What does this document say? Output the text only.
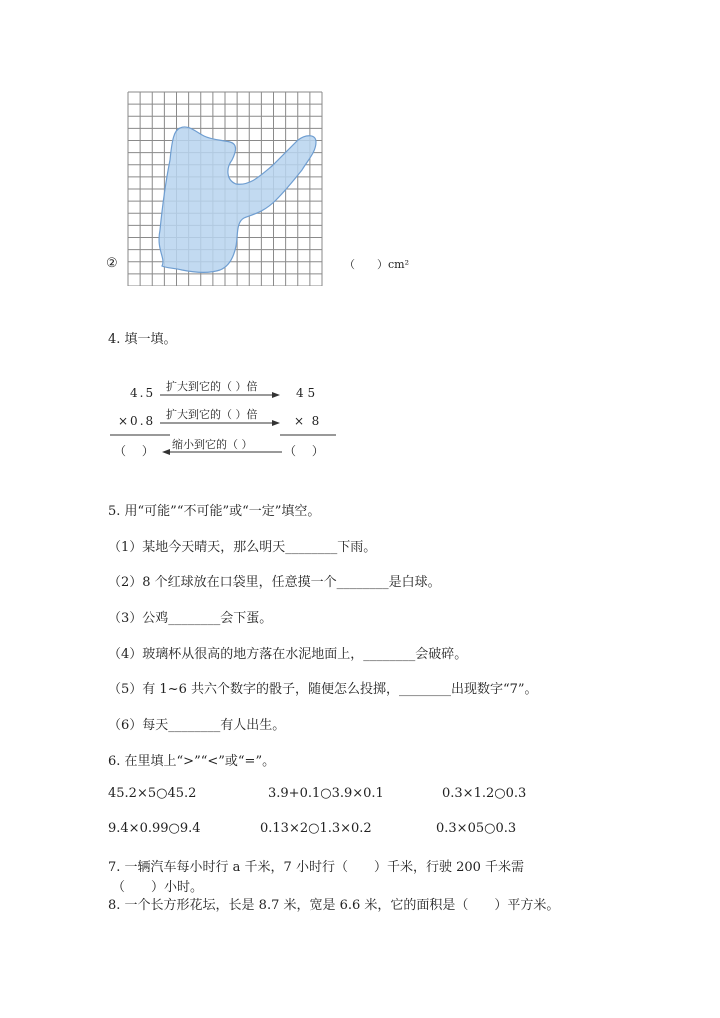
②	（　　）cm²
4. 填一填。
4.5	4 5
扩大到它的（ ）倍
×0.8	×  8
扩大到它的（ ）倍
缩小到它的（ ）
（　 ）	（　 ）
5. 用“可能”“不可能”或“一定”填空。
（1）某地今天晴天，那么明天________下雨。
（2）8 个红球放在口袋里，任意摸一个________是白球。
（3）公鸡________会下蛋。
（4）玻璃杯从很高的地方落在水泥地面上，________会破碎。
（5）有 1~6 共六个数字的骰子，随便怎么投掷，________出现数字“7”。
（6）每天________有人出生。
6. 在里填上“>”“<”或“=”。
45.2×5○45.2	3.9+0.1○3.9×0.1	0.3×1.2○0.3
9.4×0.99○9.4	0.13×2○1.3×0.2	0.3×05○0.3
7. 一辆汽车每小时行 a 千米，7 小时行（　　）千米，行驶 200 千米需
（　　）小时。
8. 一个长方形花坛，长是 8.7 米，宽是 6.6 米，它的面积是（　　）平方米。
